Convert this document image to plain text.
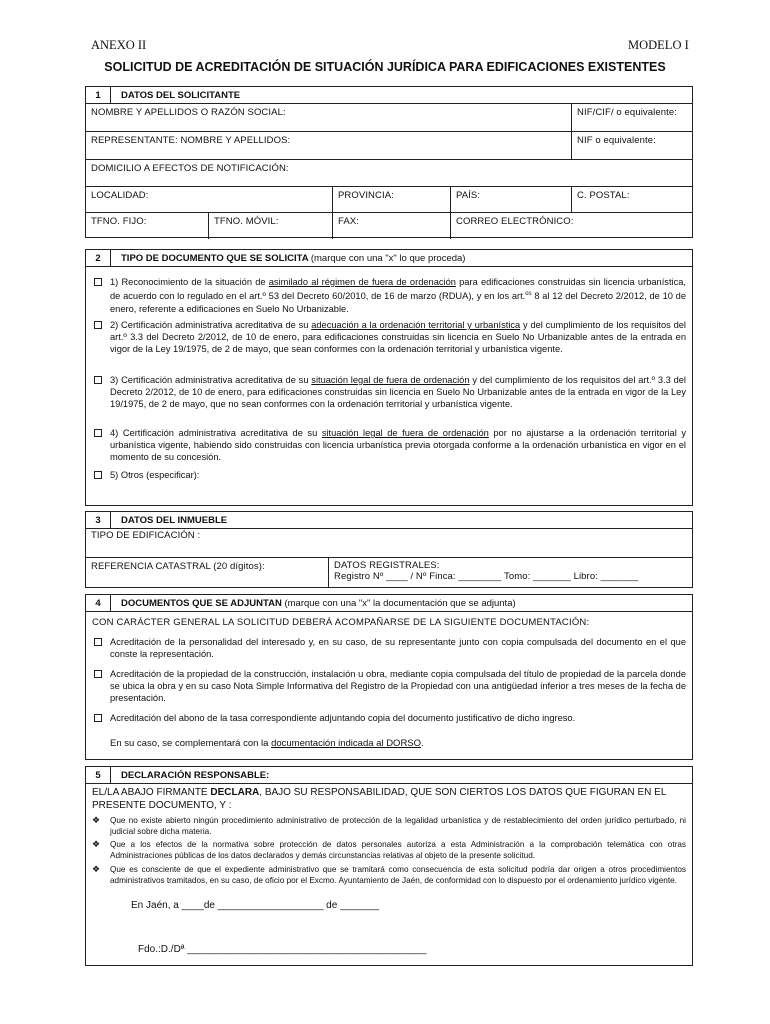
ANEXO II	MODELO I
SOLICITUD DE ACREDITACIÓN DE SITUACIÓN JURÍDICA PARA EDIFICACIONES EXISTENTES
1	DATOS DEL SOLICITANTE
NOMBRE Y APELLIDOS O RAZÓN SOCIAL:	NIF/CIF/ o equivalente:
REPRESENTANTE: NOMBRE Y APELLIDOS:	NIF o equivalente:
DOMICILIO A EFECTOS DE NOTIFICACIÓN:
LOCALIDAD:	PROVINCIA:	PAÍS:	C. POSTAL:
TFNO. FIJO:	TFNO. MÓVIL:	FAX:	CORREO ELECTRÓNICO:
2	TIPO DE DOCUMENTO QUE SE SOLICITA (marque con una "x" lo que proceda)
1) Reconocimiento de la situación de asimilado al régimen de fuera de ordenación para edificaciones construidas sin licencia urbanística, de acuerdo con lo regulado en el art.º 53 del Decreto 60/2010, de 16 de marzo (RDUA), y en los art.$^{os}$ 8 al 12 del Decreto 2/2012, de 10 de enero, referente a edificaciones en Suelo No Urbanizable.
2) Certificación administrativa acreditativa de su adecuación a la ordenación territorial y urbanística y del cumplimiento de los requisitos del art.º 3.3 del Decreto 2/2012, de 10 de enero, para edificaciones construidas sin licencia en Suelo No Urbanizable antes de la entrada en vigor de la Ley 19/1975, de 2 de mayo, que sean conformes con la ordenación territorial y urbanística vigente.
3) Certificación administrativa acreditativa de su situación legal de fuera de ordenación y del cumplimiento de los requisitos del art.º 3.3 del Decreto 2/2012, de 10 de enero, para edificaciones construidas sin licencia en Suelo No Urbanizable antes de la entrada en vigor de la Ley 19/1975, de 2 de mayo, que no sean conformes con la ordenación territorial y urbanística vigente.
4) Certificación administrativa acreditativa de su situación legal de fuera de ordenación por no ajustarse a la ordenación territorial y urbanística vigente, habiendo sido construidas con licencia urbanística previa otorgada conforme a la ordenación urbanística en vigor en el momento de su concesión.
5) Otros (especificar):
3	DATOS DEL INMUEBLE
TIPO DE EDIFICACIÓN :
REFERENCIA CATASTRAL (20 dígitos):	DATOS REGISTRALES:
Registro Nº ____ / Nº Finca: ________ Tomo: _______ Libro: _______
4	DOCUMENTOS QUE SE ADJUNTAN (marque con una "x" la documentación que se adjunta)
CON CARÁCTER GENERAL LA SOLICITUD DEBERÁ ACOMPAÑARSE DE LA SIGUIENTE DOCUMENTACIÓN:
Acreditación de la personalidad del interesado y, en su caso, de su representante junto con copia compulsada del documento en el que conste la representación.
Acreditación de la propiedad de la construcción, instalación u obra, mediante copia compulsada del título de propiedad de la parcela donde se ubica la obra y en su caso Nota Simple Informativa del Registro de la Propiedad con una antigüedad inferior a tres meses de la fecha de presentación.
Acreditación del abono de la tasa correspondiente adjuntando copia del documento justificativo de dicho ingreso.
En su caso, se complementará con la documentación indicada al DORSO.
5	DECLARACIÓN RESPONSABLE:
EL/LA ABAJO FIRMANTE DECLARA, BAJO SU RESPONSABILIDAD, QUE SON CIERTOS LOS DATOS QUE FIGURAN EN EL PRESENTE DOCUMENTO, Y :
❖	Que no existe abierto ningún procedimiento administrativo de protección de la legalidad urbanística y de restablecimiento del orden jurídico perturbado, ni judicial sobre dicha materia.
❖	Que a los efectos de la normativa sobre protección de datos personales autoriza a esta Administración a la comprobación telemática con otras Administraciones públicas de los datos declarados y demás circunstancias relativas al objeto de la presente solicitud.
❖	Que es consciente de que el expediente administrativo que se tramitará como consecuencia de esta solicitud podría dar origen a otros procedimientos administrativos tramitados, en su caso, de oficio por el Excmo. Ayuntamiento de Jaén, de conformidad con lo dispuesto por el ordenamiento jurídico vigente.
En Jaén, a ____de ___________________ de _______
Fdo.:D./Dª ___________________________________________
